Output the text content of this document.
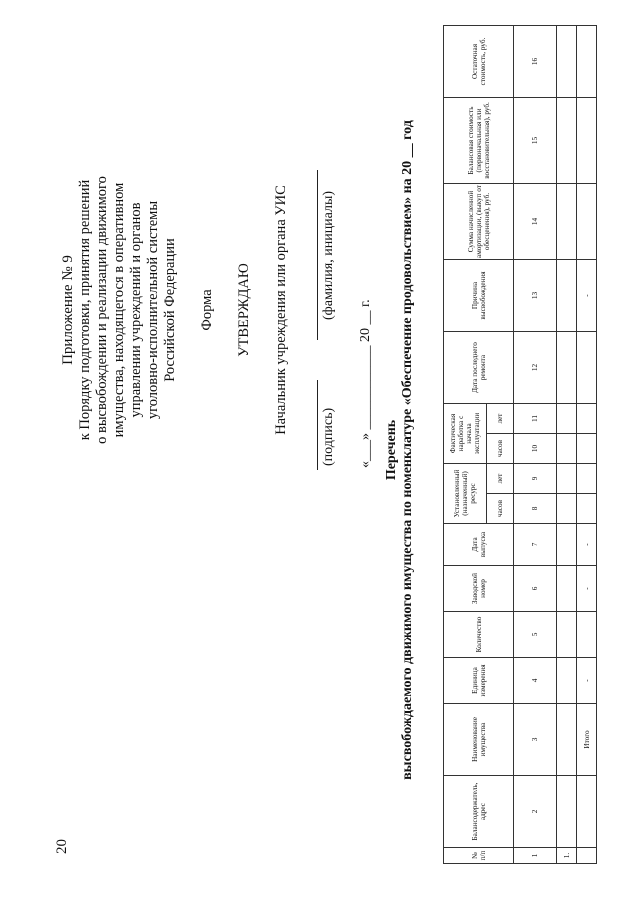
20
Приложение № 9 к Порядку подготовки, принятия решений о высвобождении и реализации движимого имущества, находящегося в оперативном управлении учреждений и органов уголовно-исполнительной системы Российской Федерации Форма УТВЕРЖДАЮ Начальник учреждения или органа УИС
(подпись)
(фамилия, инициалы)
«___» ____________ 20 __ г. Перечень высвобождаемого движимого имущества по номенклатуре «Обеспечение продовольствием» на 20 __ год
№ п/п	Балансодержатель, адрес	Наименование имущества	Единица измерения	Количество	Заводской номер	Дата выпуска	Установленный (назначенный) ресурс		Фактическая наработка с начала эксплуатации		Дата последнего ремонта	Причина высвобождения	Сумма начисленной амортизации, (выкуп от обесценения), руб.	Балансовая стоимость (первоначальная или восстановительная), руб.	Остаточная стоимость, руб.
							часов	лет	часов	лет					
1	2	3	4	5	6	7	8	9	10	11	12	13	14	15	16
1.															
		Итого	-		-	-						-			
